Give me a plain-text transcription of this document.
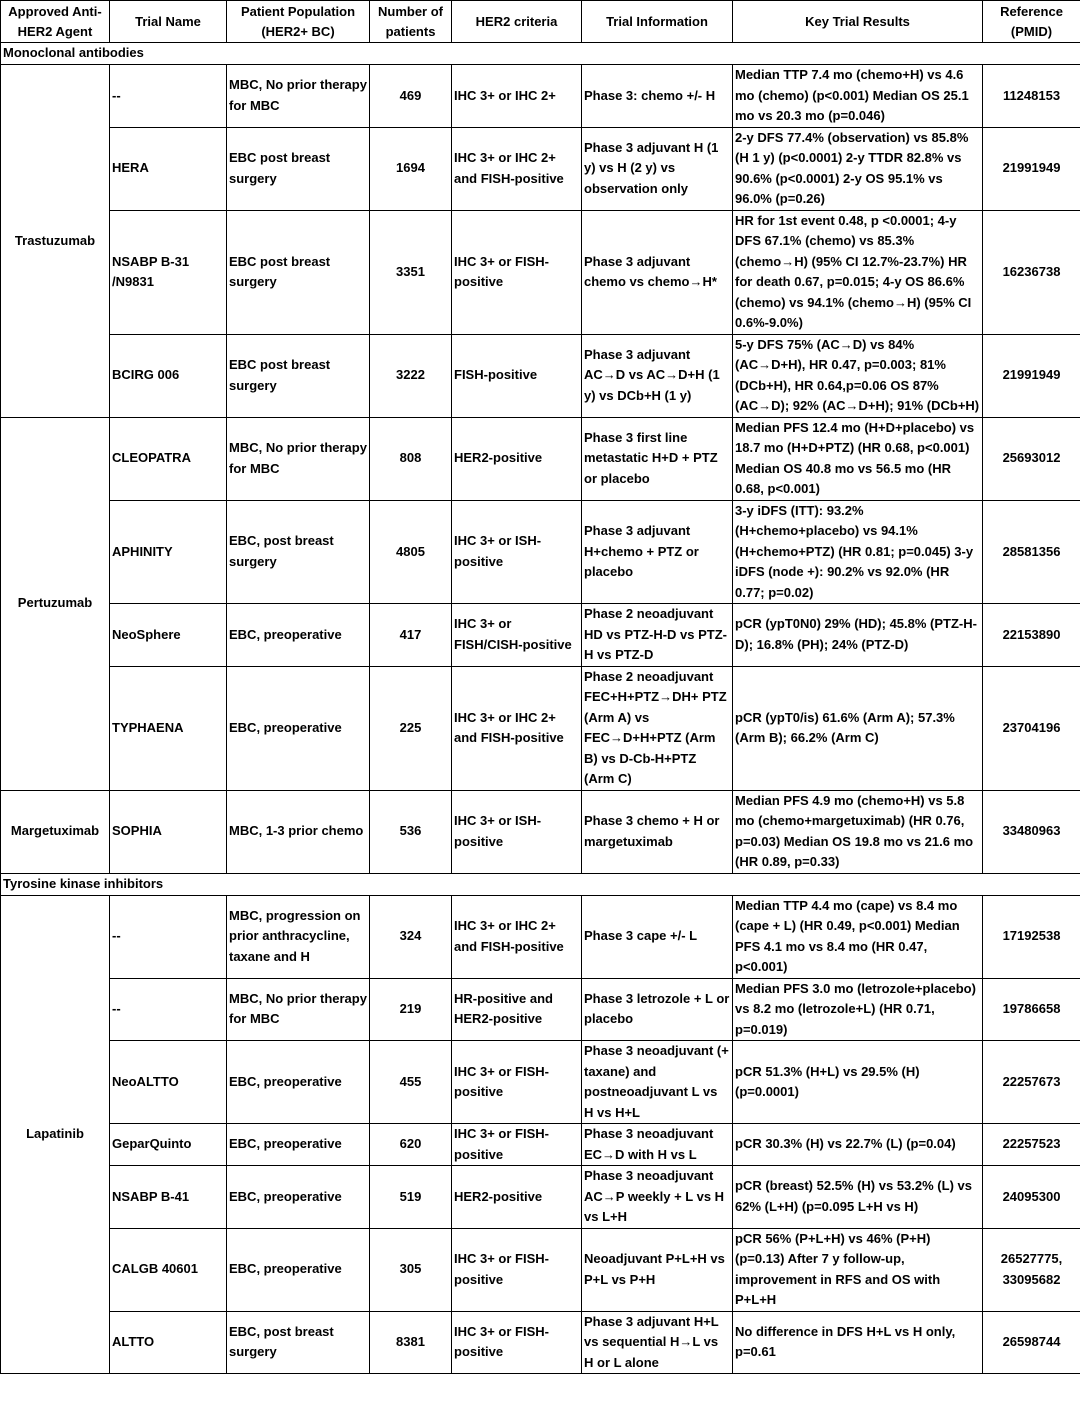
Approved Anti-HER2 Agent	Trial Name	Patient Population (HER2+ BC)	Number of patients	HER2 criteria	Trial Information	Key Trial Results	Reference (PMID)
Monoclonal antibodies							
Trastuzumab	--	MBC, No prior therapy for MBC	469	IHC 3+ or IHC 2+	Phase 3: chemo +/- H	Median TTP 7.4 mo (chemo+H) vs 4.6 mo (chemo) (p<0.001) Median OS 25.1 mo vs 20.3 mo (p=0.046)	11248153
	HERA	EBC post breast surgery	1694	IHC 3+ or IHC 2+ and FISH-positive	Phase 3 adjuvant H (1 y) vs H (2 y) vs observation only	2-y DFS 77.4% (observation) vs 85.8% (H 1 y) (p<0.0001) 2-y TTDR 82.8% vs 90.6% (p<0.0001) 2-y OS 95.1% vs 96.0% (p=0.26)	21991949
	NSABP B-31 /N9831	EBC post breast surgery	3351	IHC 3+ or FISH-positive	Phase 3 adjuvant chemo vs chemo→H*	HR for 1st event 0.48, p <0.0001; 4-y DFS 67.1% (chemo) vs 85.3% (chemo→H) (95% CI 12.7%-23.7%) HR for death 0.67, p=0.015; 4-y OS 86.6% (chemo) vs 94.1% (chemo→H) (95% CI 0.6%-9.0%)	16236738
	BCIRG 006	EBC post breast surgery	3222	FISH-positive	Phase 3 adjuvant AC→D vs AC→D+H (1 y) vs DCb+H (1 y)	5-y DFS 75% (AC→D) vs 84% (AC→D+H), HR 0.47, p=0.003; 81% (DCb+H), HR 0.64,p=0.06 OS 87% (AC→D); 92% (AC→D+H); 91% (DCb+H)	21991949
Pertuzumab	CLEOPATRA	MBC, No prior therapy for MBC	808	HER2-positive	Phase 3 first line metastatic H+D + PTZ or placebo	Median PFS 12.4 mo (H+D+placebo) vs 18.7 mo (H+D+PTZ) (HR 0.68, p<0.001) Median OS 40.8 mo vs 56.5 mo (HR 0.68, p<0.001)	25693012
	APHINITY	EBC, post breast surgery	4805	IHC 3+ or ISH-positive	Phase 3 adjuvant H+chemo + PTZ or placebo	3-y iDFS (ITT): 93.2% (H+chemo+placebo) vs 94.1% (H+chemo+PTZ) (HR 0.81; p=0.045) 3-y iDFS (node +): 90.2% vs 92.0% (HR 0.77; p=0.02)	28581356
	NeoSphere	EBC, preoperative	417	IHC 3+ or FISH/CISH-positive	Phase 2 neoadjuvant HD vs PTZ-H-D vs PTZ-H vs PTZ-D	pCR (ypT0N0) 29% (HD); 45.8% (PTZ-H-D); 16.8% (PH); 24% (PTZ-D)	22153890
	TYPHAENA	EBC, preoperative	225	IHC 3+ or IHC 2+ and FISH-positive	Phase 2 neoadjuvant FEC+H+PTZ→DH+ PTZ (Arm A) vs FEC→D+H+PTZ (Arm B) vs D-Cb-H+PTZ (Arm C)	pCR (ypT0/is) 61.6% (Arm A); 57.3% (Arm B); 66.2% (Arm C)	23704196
Margetuximab	SOPHIA	MBC, 1-3 prior chemo	536	IHC 3+ or ISH-positive	Phase 3 chemo + H or margetuximab	Median PFS 4.9 mo (chemo+H) vs 5.8 mo (chemo+margetuximab) (HR 0.76, p=0.03) Median OS 19.8 mo vs 21.6 mo (HR 0.89, p=0.33)	33480963
Tyrosine kinase inhibitors							
Lapatinib	--	MBC, progression on prior anthracycline, taxane and H	324	IHC 3+ or IHC 2+ and FISH-positive	Phase 3 cape +/- L	Median TTP 4.4 mo (cape) vs 8.4 mo (cape + L) (HR 0.49, p<0.001) Median PFS 4.1 mo vs 8.4 mo (HR 0.47, p<0.001)	17192538
	--	MBC, No prior therapy for MBC	219	HR-positive and HER2-positive	Phase 3 letrozole + L or placebo	Median PFS 3.0 mo (letrozole+placebo) vs 8.2 mo (letrozole+L) (HR 0.71, p=0.019)	19786658
	NeoALTTO	EBC, preoperative	455	IHC 3+ or FISH-positive	Phase 3 neoadjuvant (+ taxane) and postneoadjuvant L vs H vs H+L	pCR 51.3% (H+L) vs 29.5% (H) (p=0.0001)	22257673
	GeparQuinto	EBC, preoperative	620	IHC 3+ or FISH-positive	Phase 3 neoadjuvant EC→D with H vs L	pCR 30.3% (H) vs 22.7% (L) (p=0.04)	22257523
	NSABP B-41	EBC, preoperative	519	HER2-positive	Phase 3 neoadjuvant AC→P weekly + L vs H vs L+H	pCR (breast) 52.5% (H) vs 53.2% (L) vs 62% (L+H) (p=0.095 L+H vs H)	24095300
	CALGB 40601	EBC, preoperative	305	IHC 3+ or FISH-positive	Neoadjuvant P+L+H vs P+L vs P+H	pCR 56% (P+L+H) vs 46% (P+H) (p=0.13) After 7 y follow-up, improvement in RFS and OS with P+L+H	26527775, 33095682
	ALTTO	EBC, post breast surgery	8381	IHC 3+ or FISH-positive	Phase 3 adjuvant H+L vs sequential H→L vs H or L alone	No difference in DFS H+L vs H only, p=0.61	26598744
